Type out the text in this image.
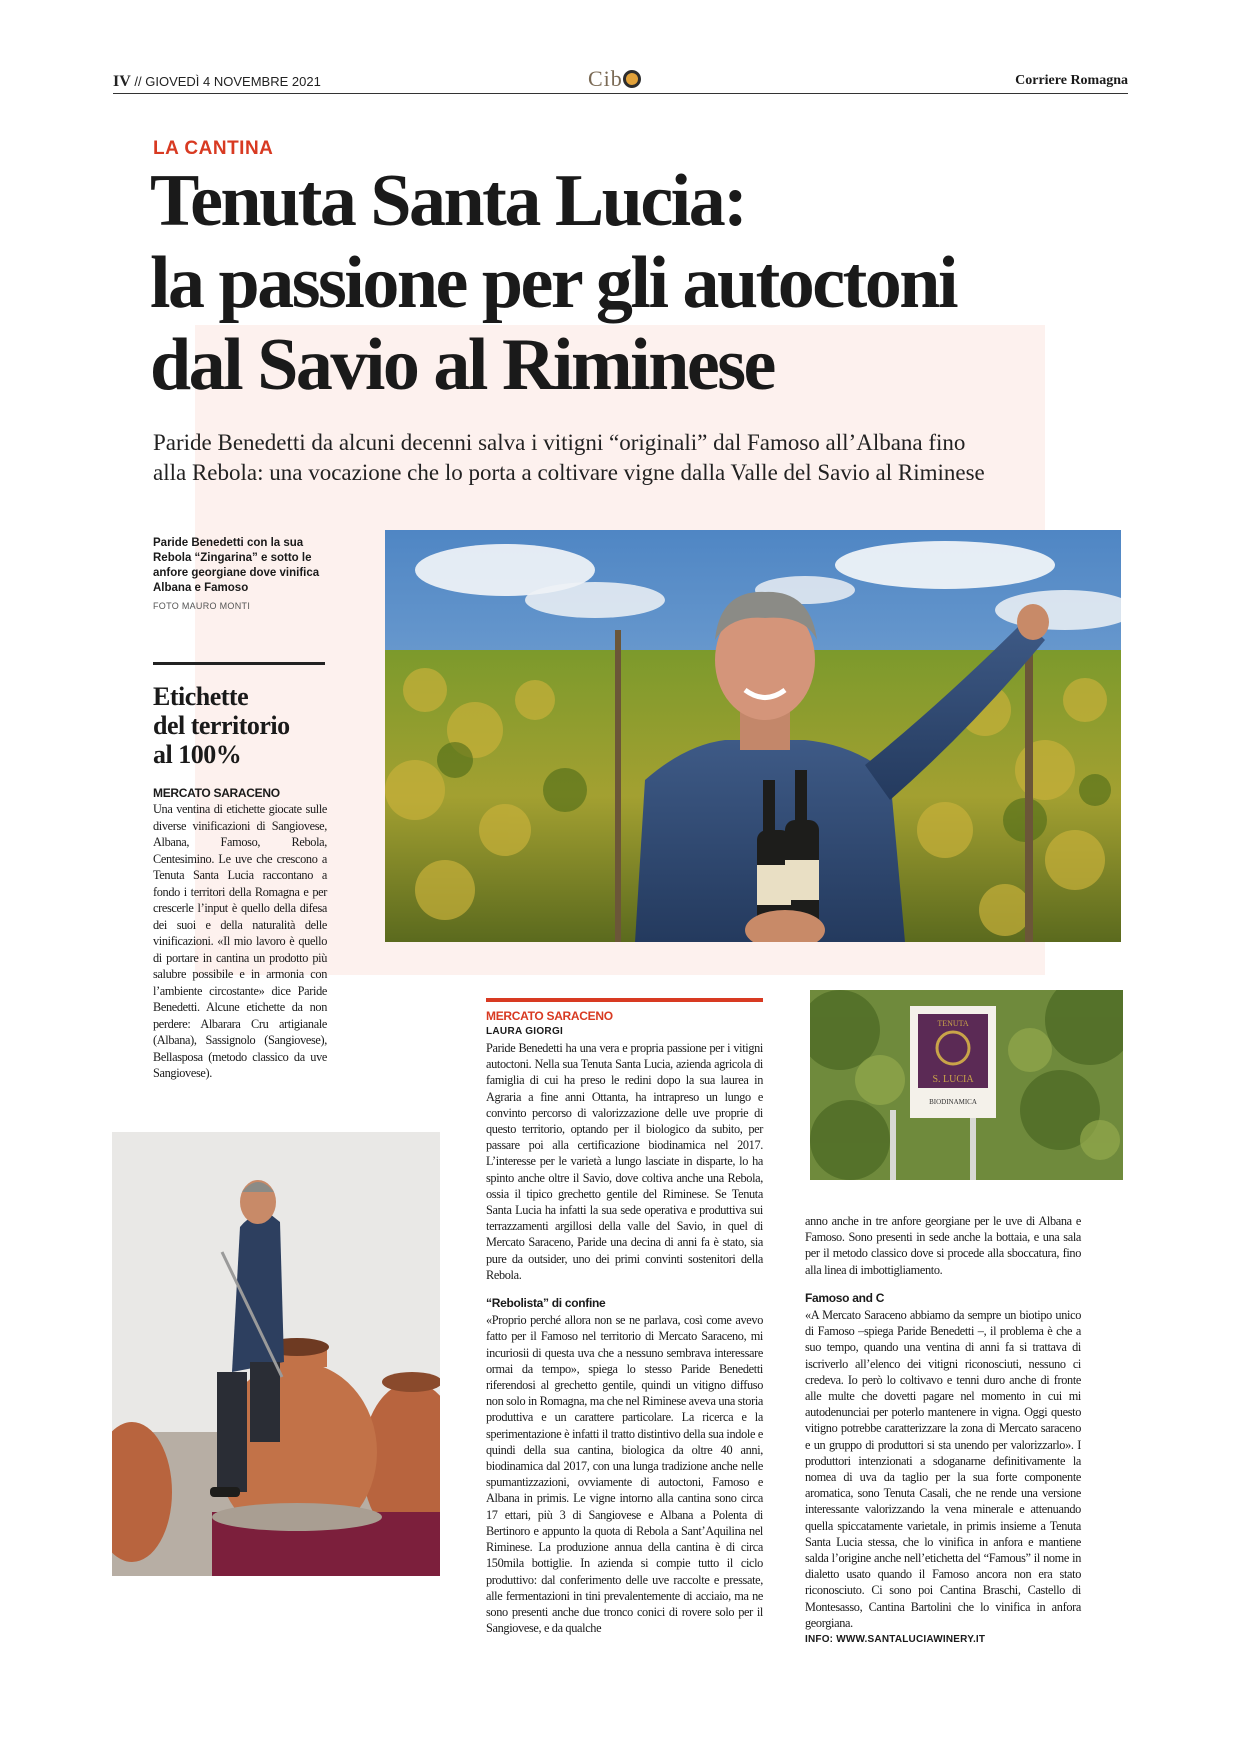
IV // GIOVEDÌ 4 NOVEMBRE 2021	Cib	Corriere Romagna
LA CANTINA
Tenuta Santa Lucia:
la passione per gli autoctoni
dal Savio al Riminese
Paride Benedetti da alcuni decenni salva i vitigni “originali” dal Famoso all’Albana fino alla Rebola: una vocazione che lo porta a coltivare vigne dalla Valle del Savio al Riminese
Paride Benedetti con la sua Rebola “Zingarina” e sotto le anfore georgiane dove vinifica Albana e Famoso
FOTO MAURO MONTI
TENUTA
S. LUCIA
BIODINAMICA
Etichette
del territorio
al 100%
MERCATO SARACENO
Una ventina di etichette giocate sulle diverse vinificazioni di Sangiovese, Albana, Famoso, Rebola, Centesimino. Le uve che crescono a Tenuta Santa Lucia raccontano a fondo i territori della Romagna e per crescerle l’input è quello della difesa dei suoi e della naturalità delle vinificazioni. «Il mio lavoro è quello di portare in cantina un prodotto più salubre possibile e in armonia con l’ambiente circostante» dice Paride Benedetti. Alcune etichette da non perdere: Albarara Cru artigianale (Albana), Sassignolo (Sangiovese), Bellasposa (metodo classico da uve Sangiovese).
MERCATO SARACENO
LAURA GIORGI

Paride Benedetti ha una vera e propria passione per i vitigni autoctoni. Nella sua Tenuta Santa Lucia, azienda agricola di famiglia di cui ha preso le redini dopo la sua laurea in Agraria a fine anni Ottanta, ha intrapreso un lungo e convinto percorso di valorizzazione delle uve proprie di questo territorio, optando per il biologico da subito, per passare poi alla certificazione biodinamica nel 2017. L’interesse per le varietà a lungo lasciate in disparte, lo ha spinto anche oltre il Savio, dove coltiva anche una Rebola, ossia il tipico grechetto gentile del Riminese. Se Tenuta Santa Lucia ha infatti la sua sede operativa e produttiva sui terrazzamenti argillosi della valle del Savio, in quel di Mercato Saraceno, Paride una decina di anni fa è stato, sia pure da outsider, uno dei primi convinti sostenitori della Rebola.

“Rebolista” di confine

«Proprio perché allora non se ne parlava, così come avevo fatto per il Famoso nel territorio di Mercato Saraceno, mi incuriosii di questa uva che a nessuno sembrava interessare ormai da tempo», spiega lo stesso Paride Benedetti riferendosi al grechetto gentile, quindi un vitigno diffuso non solo in Romagna, ma che nel Riminese aveva una storia produttiva e un carattere particolare. La ricerca e la sperimentazione è infatti il tratto distintivo della sua indole e quindi della sua cantina, biologica da oltre 40 anni, biodinamica dal 2017, con una lunga tradizione anche nelle spumantizzazioni, ovviamente di autoctoni, Famoso e Albana in primis. Le vigne intorno alla cantina sono circa 17 ettari, più 3 di Sangiovese e Albana a Polenta di Bertinoro e appunto la quota di Rebola a Sant’Aquilina nel Riminese. La produzione annua della cantina è di circa 150mila bottiglie. In azienda si compie tutto il ciclo produttivo: dal conferimento delle uve raccolte e pressate, alle fermentazioni in tini prevalentemente di acciaio, ma ne sono presenti anche due tronco conici di rovere solo per il Sangiovese, e da qualche

anno anche in tre anfore georgiane per le uve di Albana e Famoso. Sono presenti in sede anche la bottaia, e una sala per il metodo classico dove si procede alla sboccatura, fino alla linea di imbottigliamento.

Famoso and C

«A Mercato Saraceno abbiamo da sempre un biotipo unico di Famoso –spiega Paride Benedetti –, il problema è che a suo tempo, quando una ventina di anni fa si trattava di iscriverlo all’elenco dei vitigni riconosciuti, nessuno ci credeva. Io però lo coltivavo e tenni duro anche di fronte alle multe che dovetti pagare nel momento in cui mi autodenunciai per poterlo mantenere in vigna. Oggi questo vitigno potrebbe caratterizzare la zona di Mercato saraceno e un gruppo di produttori si sta unendo per valorizzarlo». I produttori intenzionati a sdoganarne definitivamente la nomea di uva da taglio per la sua forte componente aromatica, sono Tenuta Casali, che ne rende una versione interessante valorizzando la vena minerale e attenuando quella spiccatamente varietale, in primis insieme a Tenuta Santa Lucia stessa, che lo vinifica in anfora e mantiene salda l’origine anche nell’etichetta del “Famous” il nome in dialetto usato quando il Famoso ancora non era stato riconosciuto. Ci sono poi Cantina Braschi, Castello di Montesasso, Cantina Bartolini che lo vinifica in anfora georgiana.

INFO: WWW.SANTALUCIAWINERY.IT
